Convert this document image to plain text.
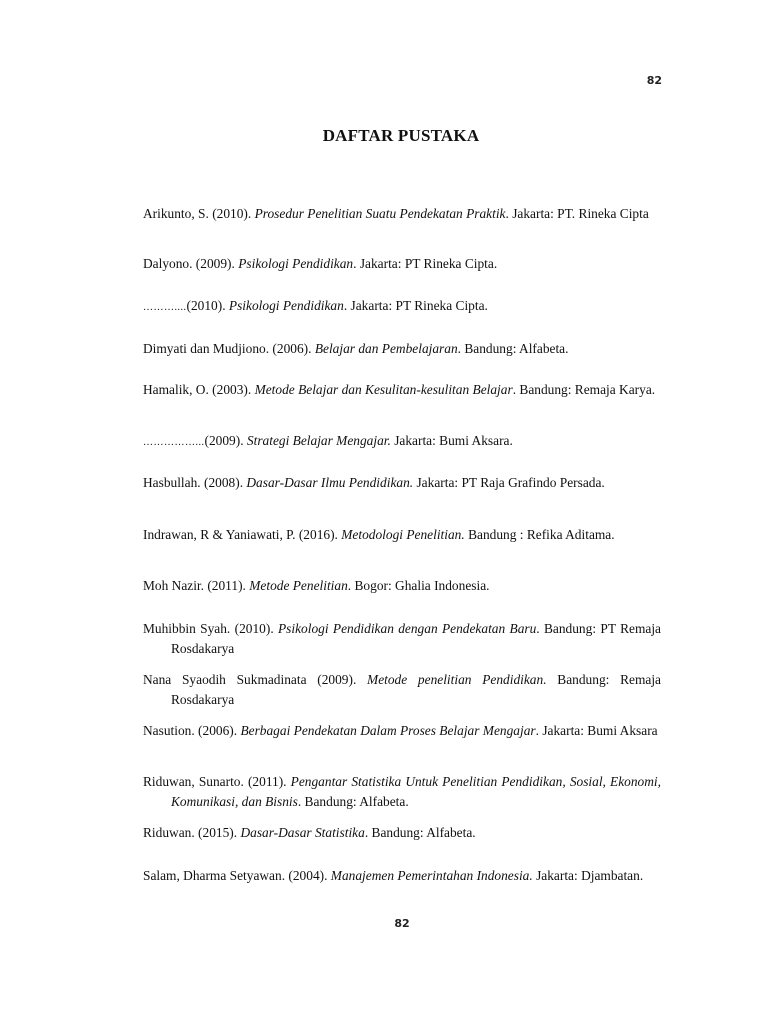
82
DAFTAR PUSTAKA
Arikunto, S. (2010). Prosedur Penelitian Suatu Pendekatan Praktik. Jakarta: PT. Rineka Cipta
Dalyono. (2009). Psikologi Pendidikan. Jakarta: PT Rineka Cipta.
………....(2010). Psikologi Pendidikan. Jakarta: PT Rineka Cipta.
Dimyati dan Mudjiono. (2006). Belajar dan Pembelajaran. Bandung: Alfabeta.
Hamalik, O. (2003). Metode Belajar dan Kesulitan-kesulitan Belajar. Bandung: Remaja Karya.
……………...(2009). Strategi Belajar Mengajar. Jakarta: Bumi Aksara.
Hasbullah. (2008). Dasar-Dasar Ilmu Pendidikan. Jakarta: PT Raja Grafindo Persada.
Indrawan, R & Yaniawati, P. (2016). Metodologi Penelitian. Bandung : Refika Aditama.
Moh Nazir. (2011). Metode Penelitian. Bogor: Ghalia Indonesia.
Muhibbin Syah. (2010). Psikologi Pendidikan dengan Pendekatan Baru. Bandung: PT Remaja Rosdakarya
Nana Syaodih Sukmadinata (2009). Metode penelitian Pendidikan. Bandung: Remaja Rosdakarya
Nasution. (2006). Berbagai Pendekatan Dalam Proses Belajar Mengajar. Jakarta: Bumi Aksara
Riduwan, Sunarto. (2011). Pengantar Statistika Untuk Penelitian Pendidikan, Sosial, Ekonomi, Komunikasi, dan Bisnis. Bandung: Alfabeta.
Riduwan. (2015). Dasar-Dasar Statistika. Bandung: Alfabeta.
Salam, Dharma Setyawan. (2004). Manajemen Pemerintahan Indonesia. Jakarta: Djambatan.
82
